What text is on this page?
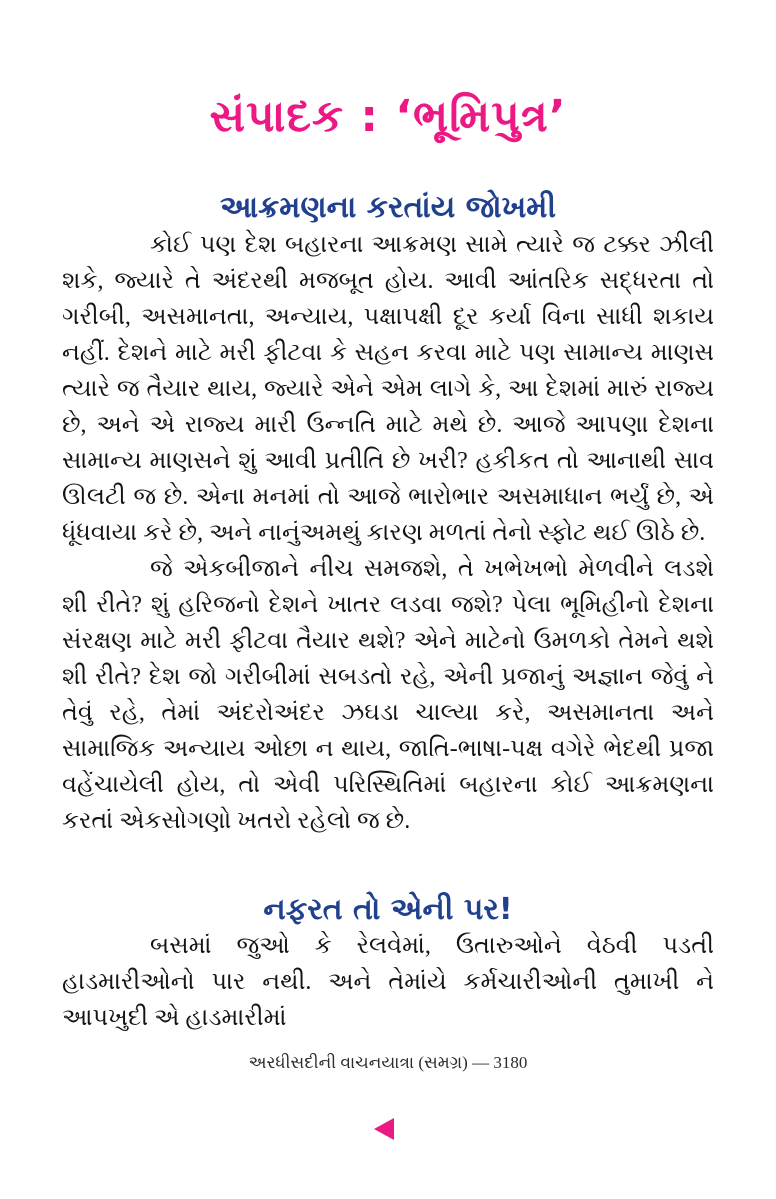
સંપાદક : ‘ભૂમિપુત્ર’
આક્રમણના કરતાંય જોખમી

કોઈ પણ દેશ બહારના આક્રમણ સામે ત્યારે જ ટક્કર ઝીલી શકે, જ્યારે તે અંદરથી મજબૂત હોય. આવી આંતરિક સદ્ધરતા તો ગરીબી, અસમાનતા, અન્યાય, પક્ષાપક્ષી દૂર કર્યા વિના સાધી શકાય નહીં. દેશને માટે મરી ફીટવા કે સહન કરવા માટે પણ સામાન્ય માણસ ત્યારે જ તૈયાર થાય, જ્યારે એને એમ લાગે કે, આ દેશમાં મારું રાજ્ય છે, અને એ રાજ્ય મારી ઉન્નતિ માટે મથે છે. આજે આપણા દેશના સામાન્ય માણસને શું આવી પ્રતીતિ છે ખરી? હકીકત તો આનાથી સાવ ઊલટી જ છે. એના મનમાં તો આજે ભારોભાર અસમાધાન ભર્યું છે, એ ધૂંધવાયા કરે છે, અને નાનુંઅમથું કારણ મળતાં તેનો સ્ફોટ થઈ ઊઠે છે.

જે એકબીજાને નીચ સમજશે, તે ખભેખભો મેળવીને લડશે શી રીતે? શું હરિજનો દેશને ખાતર લડવા જશે? પેલા ભૂમિહીનો દેશના સંરક્ષણ માટે મરી ફીટવા તૈયાર થશે? એને માટેનો ઉમળકો તેમને થશે શી રીતે? દેશ જો ગરીબીમાં સબડતો રહે, એની પ્રજાનું અજ્ઞાન જેવું ને તેવું રહે, તેમાં અંદરોઅંદર ઝઘડા ચાલ્યા કરે, અસમાનતા અને સામાજિક અન્યાય ઓછા ન થાય, જાતિ-ભાષા-પક્ષ વગેરે ભેદથી પ્રજા વહેંચાયેલી હોય, તો એવી પરિસ્થિતિમાં બહારના કોઈ આક્રમણના કરતાં એકસોગણો ખતરો રહેલો જ છે.

નફરત તો એની પર!

બસમાં જુઓ કે રેલવેમાં, ઉતારુઓને વેઠવી પડતી હાડમારીઓનો પાર નથી. અને તેમાંયે કર્મચારીઓની તુમાખી ને આપખુદી એ હાડમારીમાં

અરધીસદીની વાચનયાત્રા (સમગ્ર) — 3180
